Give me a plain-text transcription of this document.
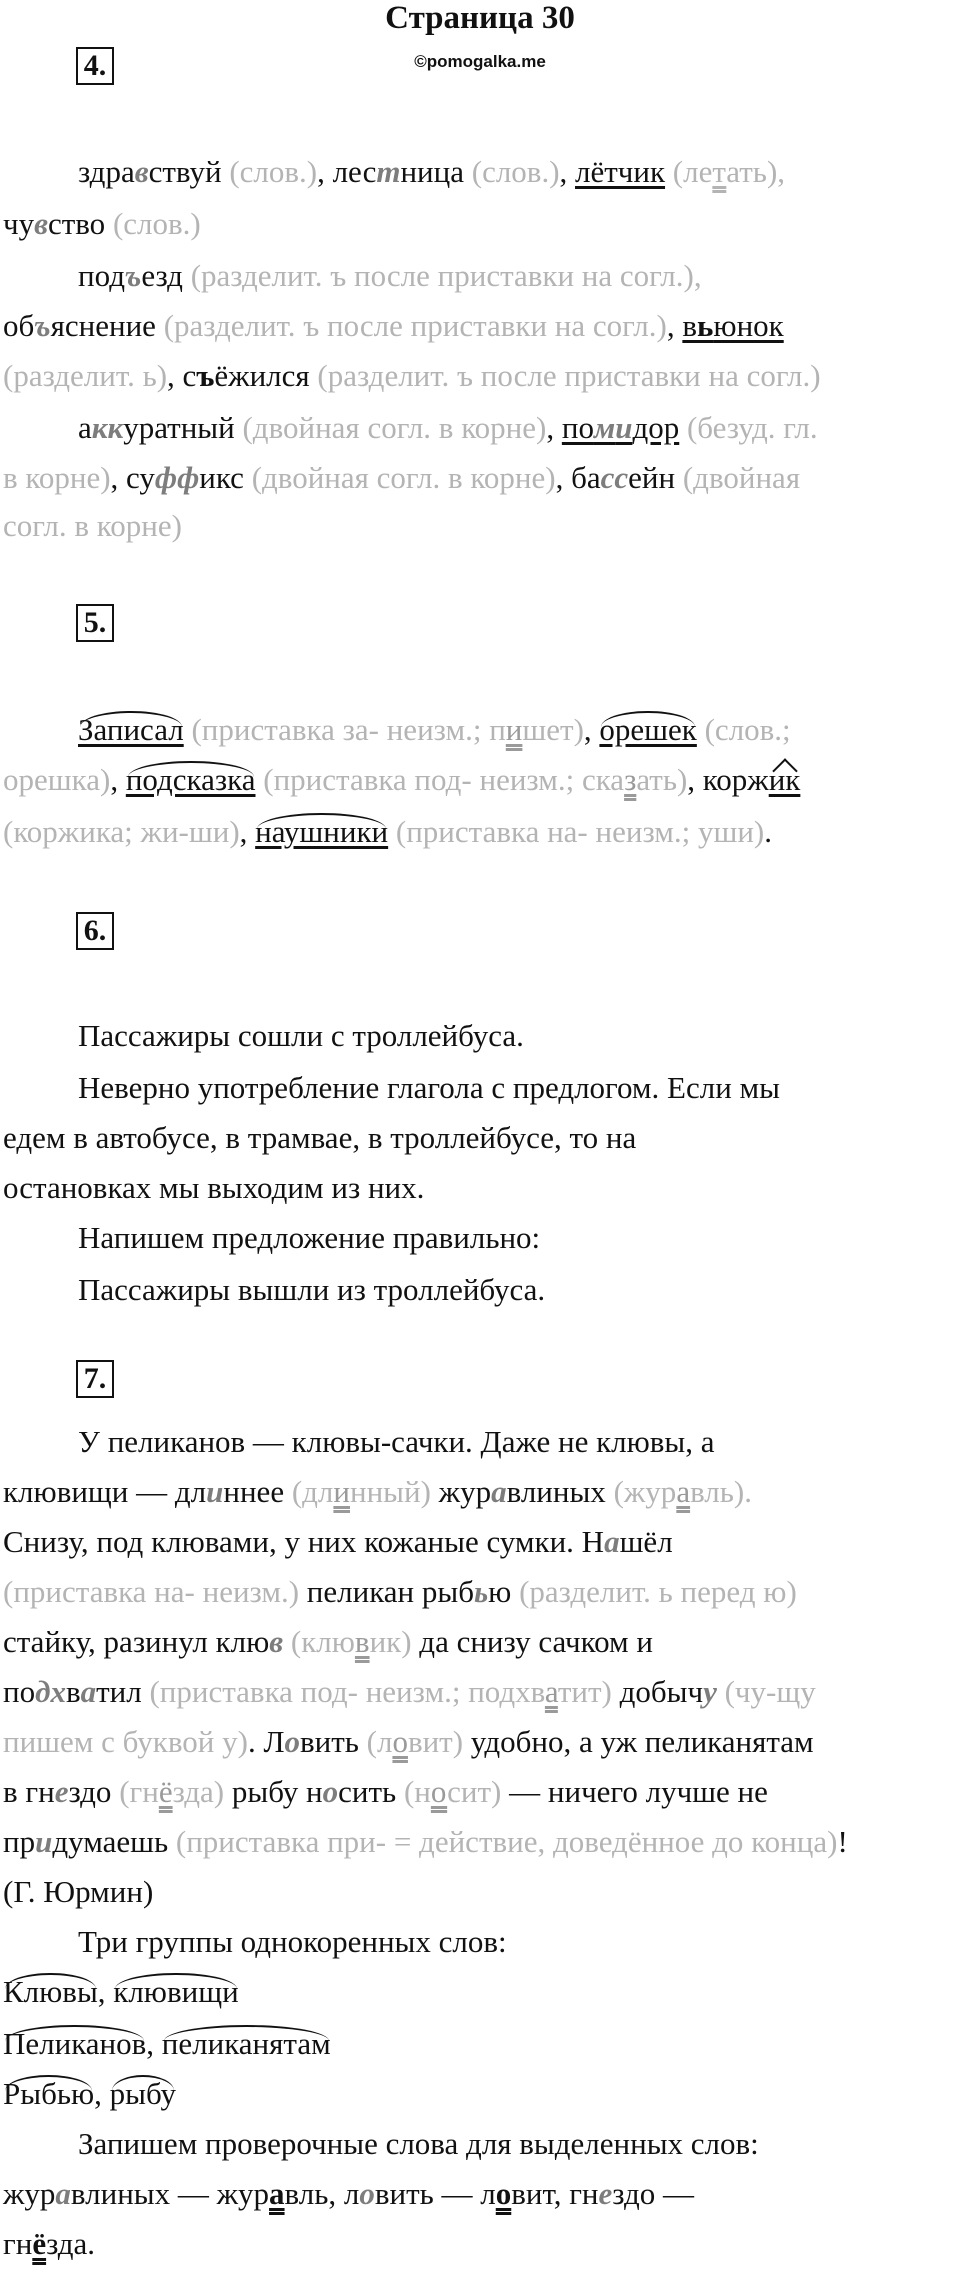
Страница 30
©pomogalka.me
4.
здравствуй (слов.), лестница (слов.), лётчик (летать),
чувство (слов.)
подъезд (разделит. ъ после приставки на согл.),
объяснение (разделит. ъ после приставки на согл.), вьюнок
(разделит. ь), съёжился (разделит. ъ после приставки на согл.)
аккуратный (двойная согл. в корне), помидор (безуд. гл.
в корне), суффикс (двойная согл. в корне), бассейн (двойная
согл. в корне)
5.
Записал (приставка за- неизм.; пишет), орешек (слов.;
орешка), подсказка (приставка под- неизм.; сказать), коржик
(коржика; жи-ши), наушники (приставка на- неизм.; уши).
6.
Пассажиры сошли с троллейбуса.
Неверно употребление глагола с предлогом. Если мы
едем в автобусе, в трамвае, в троллейбусе, то на
остановках мы выходим из них.
Напишем предложение правильно:
Пассажиры вышли из троллейбуса.
7.
У пеликанов — клювы-сачки. Даже не клювы, а
клювищи — длиннее (длинный) журавлиных (журавль).
Снизу, под клювами, у них кожаные сумки. Нашёл
(приставка на- неизм.) пеликан рыбью (разделит. ь перед ю)
стайку, разинул клюв (клювик) да снизу сачком и
подхватил (приставка под- неизм.; подхватит) добычу (чу-щу
пишем с буквой у). Ловить (ловит) удобно, а уж пеликанятам
в гнездо (гнёзда) рыбу носить (носит) — ничего лучше не
придумаешь (приставка при- = действие, доведённое до конца)!
(Г. Юрмин)
Три группы однокоренных слов:
Клювы, клювищи
Пеликанов, пеликанятам
Рыбью, рыбу
Запишем проверочные слова для выделенных слов:
журавлиных — журавль, ловить — ловит, гнездо —
гнёзда.
